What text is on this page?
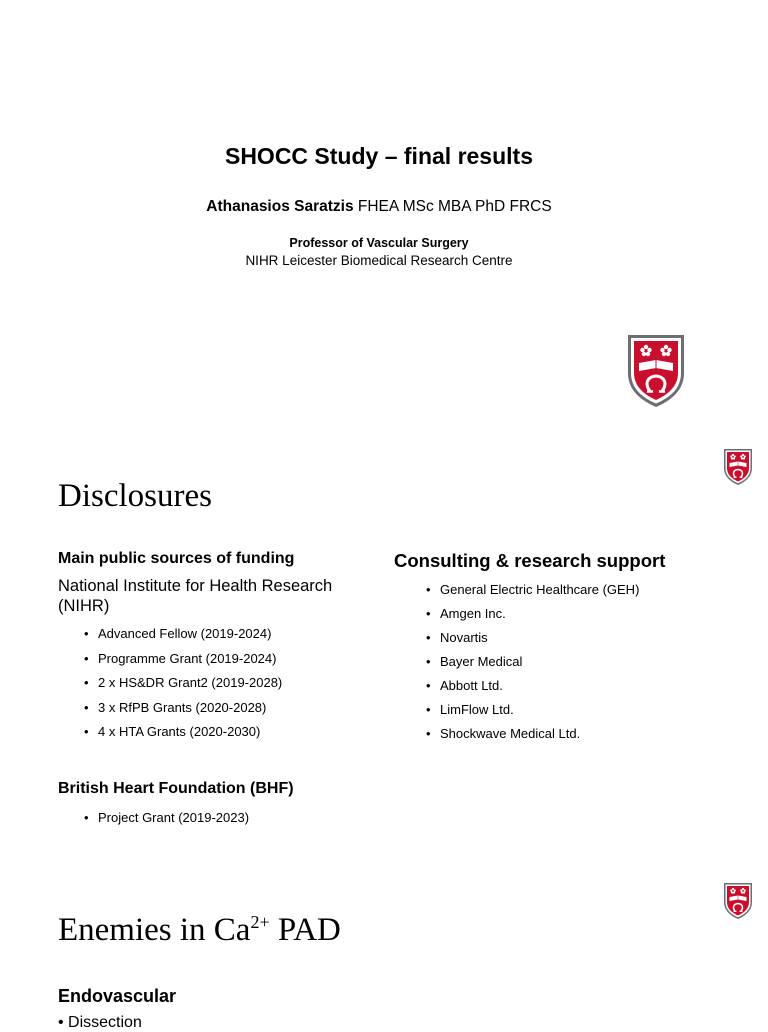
SHOCC Study – final results
Athanasios Saratzis FHEA MSc MBA PhD FRCS
Professor of Vascular Surgery
NIHR Leicester Biomedical Research Centre
Disclosures
Main public sources of funding
National Institute for Health Research (NIHR)
• Advanced Fellow (2019-2024)
• Programme Grant (2019-2024)
• 2 x HS&DR Grant2 (2019-2028)
• 3 x RfPB Grants (2020-2028)
• 4 x HTA Grants (2020-2030)
British Heart Foundation (BHF)
• Project Grant (2019-2023)
Consulting & research support
• General Electric Healthcare (GEH)
• Amgen Inc.
• Novartis
• Bayer Medical
• Abbott Ltd.
• LimFlow Ltd.
• Shockwave Medical Ltd.
Enemies in $Ca^{2+}$ PAD
Endovascular
• Dissection
